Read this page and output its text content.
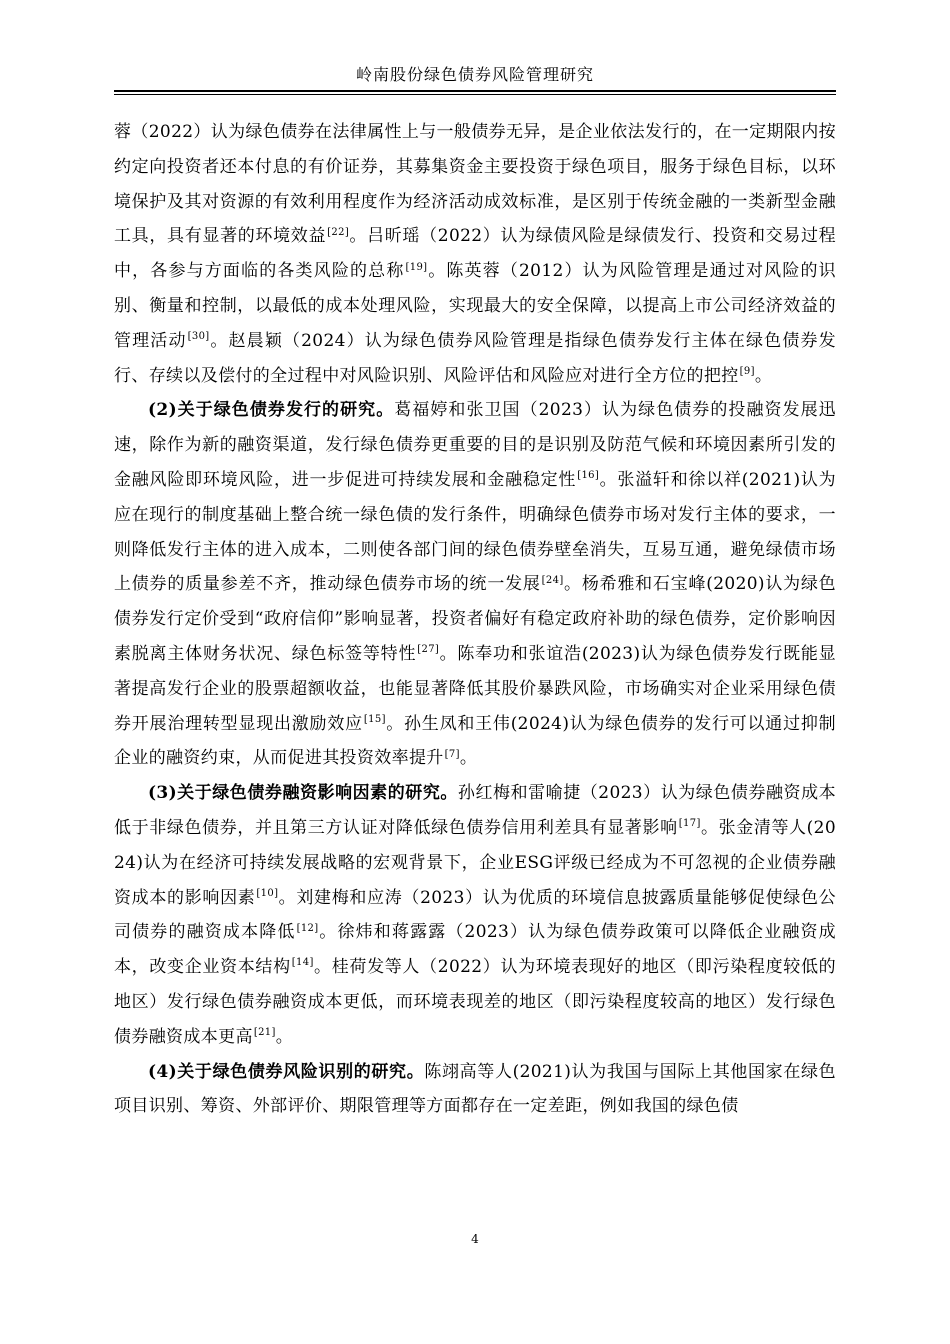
岭南股份绿色债券风险管理研究

蓉（2022）认为绿色债券在法律属性上与一般债券无异，是企业依法发行的，在一定期限内按约定向投资者还本付息的有价证券，其募集资金主要投资于绿色项目，服务于绿色目标，以环境保护及其对资源的有效利用程度作为经济活动成效标准，是区别于传统金融的一类新型金融工具，具有显著的环境效益[22]。吕昕瑶（2022）认为绿债风险是绿债发行、投资和交易过程中，各参与方面临的各类风险的总称[19]。陈英蓉（2012）认为风险管理是通过对风险的识别、衡量和控制，以最低的成本处理风险，实现最大的安全保障，以提高上市公司经济效益的管理活动[30]。赵晨颖（2024）认为绿色债券风险管理是指绿色债券发行主体在绿色债券发行、存续以及偿付的全过程中对风险识别、风险评估和风险应对进行全方位的把控[9]。

(2)关于绿色债券发行的研究。葛福婷和张卫国（2023）认为绿色债券的投融资发展迅速，除作为新的融资渠道，发行绿色债券更重要的目的是识别及防范气候和环境因素所引发的金融风险即环境风险，进一步促进可持续发展和金融稳定性[16]。张溢轩和徐以祥(2021)认为应在现行的制度基础上整合统一绿色债的发行条件，明确绿色债券市场对发行主体的要求，一则降低发行主体的进入成本，二则使各部门间的绿色债券壁垒消失，互易互通，避免绿债市场上债券的质量参差不齐，推动绿色债券市场的统一发展[24]。杨希雅和石宝峰(2020)认为绿色债券发行定价受到“政府信仰”影响显著，投资者偏好有稳定政府补助的绿色债券，定价影响因素脱离主体财务状况、绿色标签等特性[27]。陈奉功和张谊浩(2023)认为绿色债券发行既能显著提高发行企业的股票超额收益，也能显著降低其股价暴跌风险，市场确实对企业采用绿色债券开展治理转型显现出激励效应[15]。孙生凤和王伟(2024)认为绿色债券的发行可以通过抑制企业的融资约束，从而促进其投资效率提升[7]。

(3)关于绿色债券融资影响因素的研究。孙红梅和雷喻捷（2023）认为绿色债券融资成本低于非绿色债券，并且第三方认证对降低绿色债券信用利差具有显著影响[17]。张金清等人(2024)认为在经济可持续发展战略的宏观背景下，企业ESG评级已经成为不可忽视的企业债券融资成本的影响因素[10]。刘建梅和应涛（2023）认为优质的环境信息披露质量能够促使绿色公司债券的融资成本降低[12]。徐炜和蒋露露（2023）认为绿色债券政策可以降低企业融资成本，改变企业资本结构[14]。桂荷发等人（2022）认为环境表现好的地区（即污染程度较低的地区）发行绿色债券融资成本更低，而环境表现差的地区（即污染程度较高的地区）发行绿色债券融资成本更高[21]。

(4)关于绿色债券风险识别的研究。陈翊高等人(2021)认为我国与国际上其他国家在绿色项目识别、筹资、外部评价、期限管理等方面都存在一定差距，例如我国的绿色债

4
